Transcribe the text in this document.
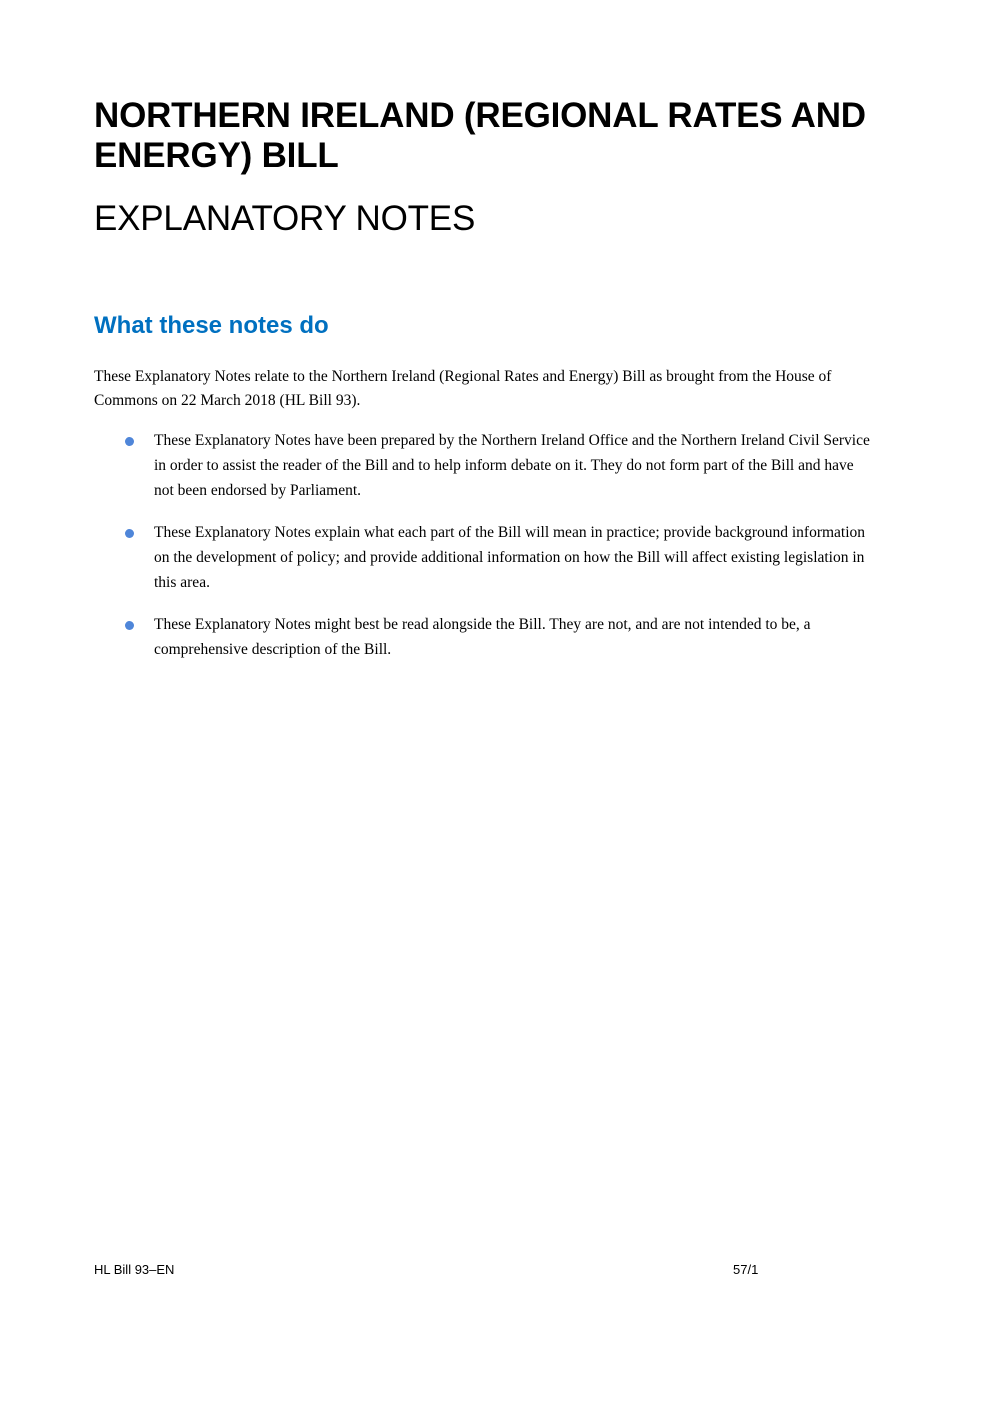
NORTHERN IRELAND (REGIONAL RATES AND ENERGY) BILL
EXPLANATORY NOTES
What these notes do

These Explanatory Notes relate to the Northern Ireland (Regional Rates and Energy) Bill as brought from the House of Commons on 22 March 2018 (HL Bill 93).

These Explanatory Notes have been prepared by the Northern Ireland Office and the Northern Ireland Civil Service in order to assist the reader of the Bill and to help inform debate on it. They do not form part of the Bill and have not been endorsed by Parliament.
These Explanatory Notes explain what each part of the Bill will mean in practice; provide background information on the development of policy; and provide additional information on how the Bill will affect existing legislation in this area.
These Explanatory Notes might best be read alongside the Bill. They are not, and are not intended to be, a comprehensive description of the Bill.
HL Bill 93–EN	57/1
